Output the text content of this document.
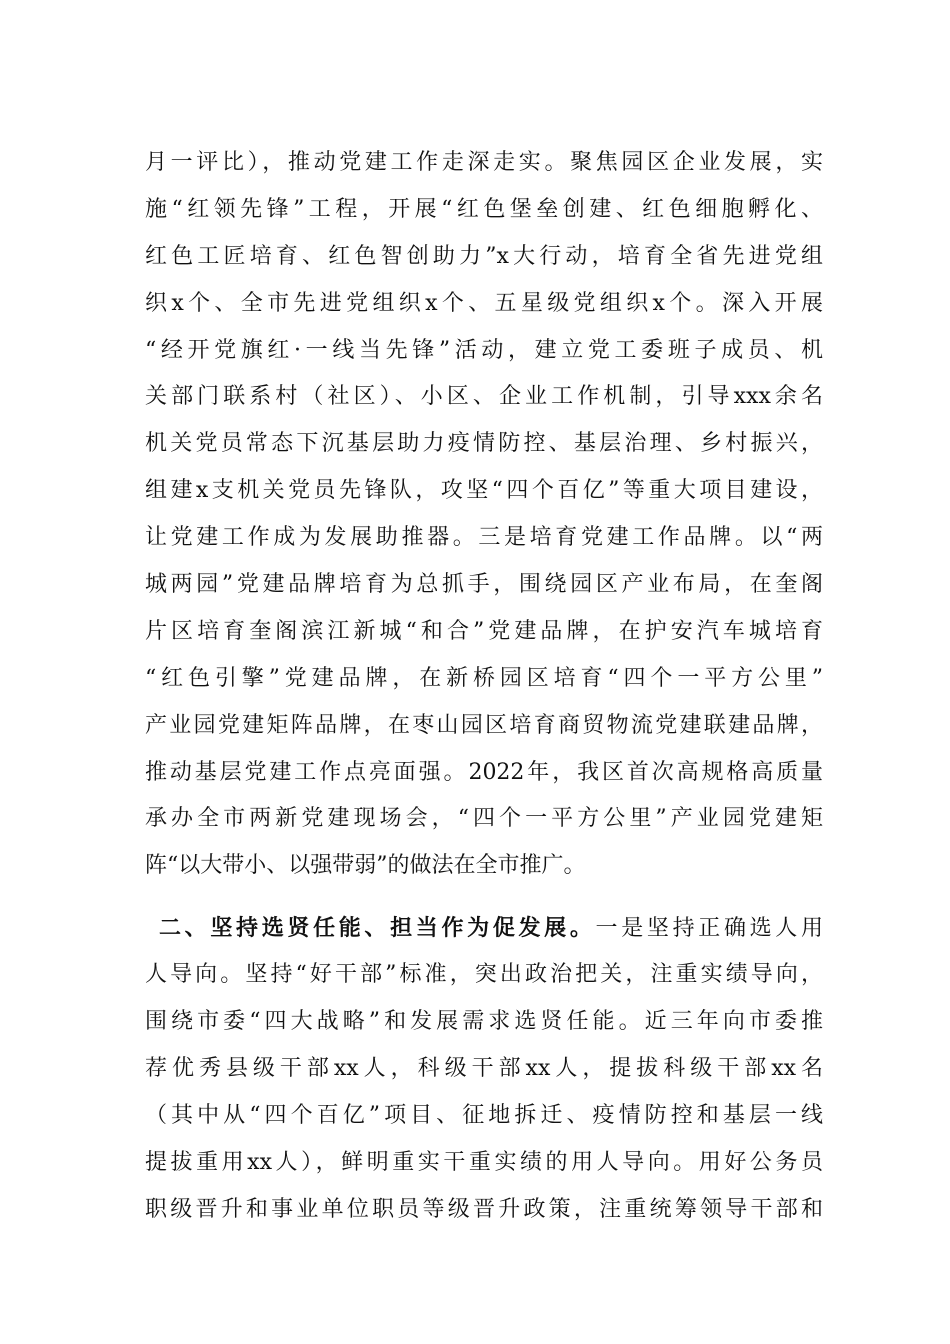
月一评比），推动党建工作走深走实。聚焦园区企业发展，实
施“红领先锋”工程，开展“红色堡垒创建、红色细胞孵化、
红色工匠培育、红色智创助力”x大行动，培育全省先进党组
织x个、全市先进党组织x个、五星级党组织x个。深入开展
“经开党旗红·一线当先锋”活动，建立党工委班子成员、机
关部门联系村（社区）、小区、企业工作机制，引导xxx余名
机关党员常态下沉基层助力疫情防控、基层治理、乡村振兴，
组建x支机关党员先锋队，攻坚“四个百亿”等重大项目建设，
让党建工作成为发展助推器。三是培育党建工作品牌。以“两
城两园”党建品牌培育为总抓手，围绕园区产业布局，在奎阁
片区培育奎阁滨江新城“和合”党建品牌，在护安汽车城培育
“红色引擎”党建品牌，在新桥园区培育“四个一平方公里”
产业园党建矩阵品牌，在枣山园区培育商贸物流党建联建品牌，
推动基层党建工作点亮面强。2022年，我区首次高规格高质量
承办全市两新党建现场会，“四个一平方公里”产业园党建矩
阵“以大带小、以强带弱”的做法在全市推广。
二、坚持选贤任能、担当作为促发展。一是坚持正确选人用
人导向。坚持“好干部”标准，突出政治把关，注重实绩导向，
围绕市委“四大战略”和发展需求选贤任能。近三年向市委推
荐优秀县级干部xx人，科级干部xx人，提拔科级干部xx名
（其中从“四个百亿”项目、征地拆迁、疫情防控和基层一线
提拔重用xx人），鲜明重实干重实绩的用人导向。用好公务员
职级晋升和事业单位职员等级晋升政策，注重统筹领导干部和
